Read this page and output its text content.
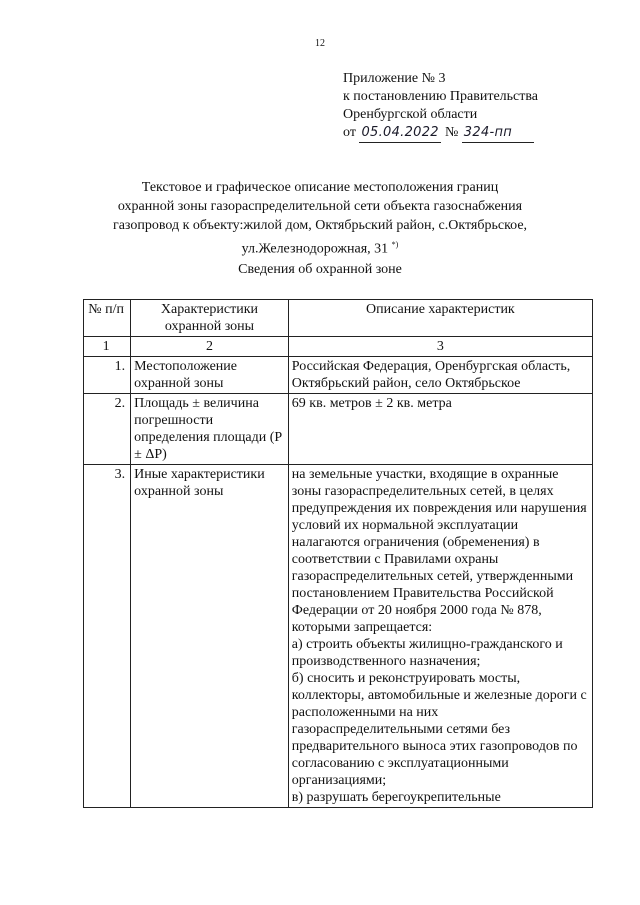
12
Приложение № 3
к постановлению Правительства
Оренбургской области
от 05.04.2022 № 324-пп
Текстовое и графическое описание местоположения границ
охранной зоны газораспределительной сети объекта газоснабжения
газопровод к объекту:жилой дом, Октябрьский район, с.Октябрьское,
ул.Железнодорожная, 31 *)
Сведения об охранной зоне
№ п/п	Характеристики охранной зоны	Описание характеристик
1	2	3
1.	Местоположение охранной зоны	Российская Федерация, Оренбургская область, Октябрьский район, село Октябрьское
2.	Площадь ± величина погрешности определения площади (P ± ΔP)	69 кв. метров ± 2 кв. метра
3.	Иные характеристики охранной зоны	на земельные участки, входящие в охранные зоны газораспределительных сетей, в целях предупреждения их повреждения или нарушения условий их нормальной эксплуатации налагаются ограничения (обременения) в соответствии с Правилами охраны газораспределительных сетей, утвержденными постановлением Правительства Российской Федерации от 20 ноября 2000 года № 878, которыми запрещается:
а) строить объекты жилищно-гражданского и производственного назначения;
б) сносить и реконструировать мосты, коллекторы, автомобильные и железные дороги с расположенными на них газораспределительными сетями без предварительного выноса этих газопроводов по согласованию с эксплуатационными организациями;
в) разрушать берегоукрепительные
